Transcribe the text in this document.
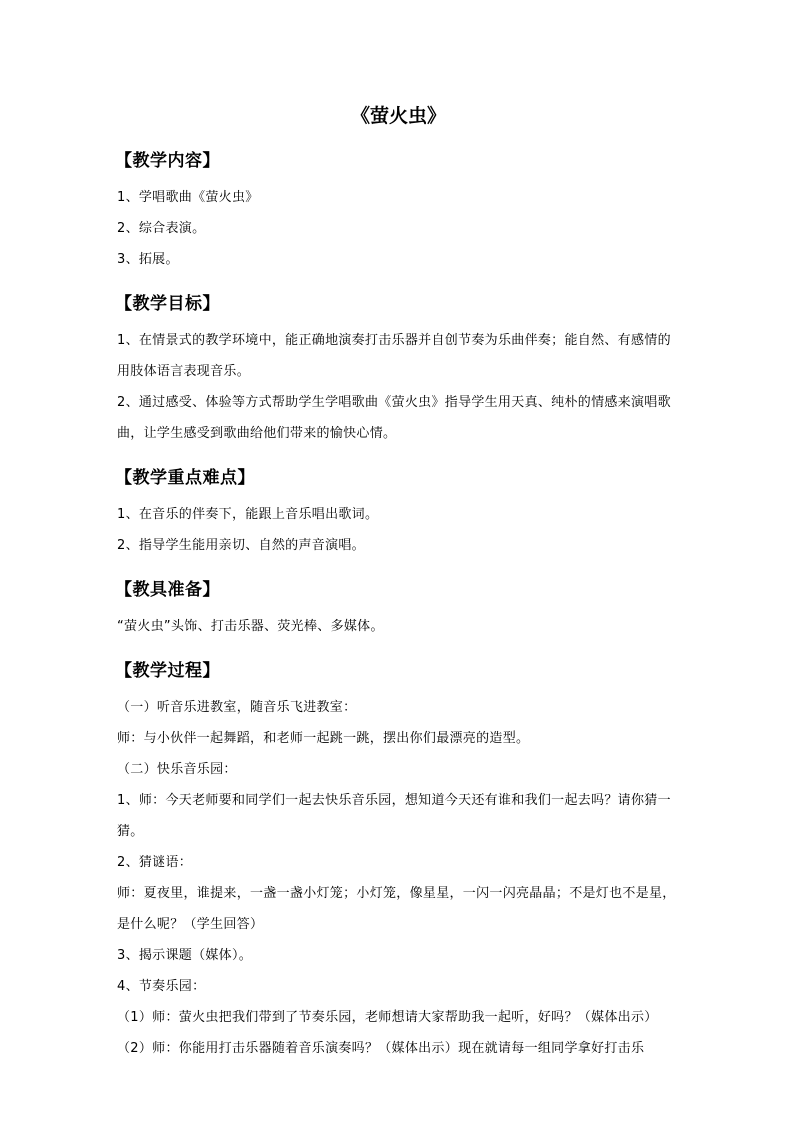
《萤火虫》
【教学内容】

1、学唱歌曲《萤火虫》

2、综合表演。

3、拓展。

【教学目标】

1、在情景式的教学环境中，能正确地演奏打击乐器并自创节奏为乐曲伴奏；能自然、有感情的用肢体语言表现音乐。

2、通过感受、体验等方式帮助学生学唱歌曲《萤火虫》指导学生用天真、纯朴的情感来演唱歌曲，让学生感受到歌曲给他们带来的愉快心情。

【教学重点难点】

1、在音乐的伴奏下，能跟上音乐唱出歌词。

2、指导学生能用亲切、自然的声音演唱。

【教具准备】

“萤火虫”头饰、打击乐器、荧光棒、多媒体。

【教学过程】

（一）听音乐进教室，随音乐飞进教室：

师：与小伙伴一起舞蹈，和老师一起跳一跳，摆出你们最漂亮的造型。

（二）快乐音乐园：

1、师：今天老师要和同学们一起去快乐音乐园，想知道今天还有谁和我们一起去吗？请你猜一猜。

2、猜谜语：

师：夏夜里，谁提来，一盏一盏小灯笼；小灯笼，像星星，一闪一闪亮晶晶；不是灯也不是星，是什么呢？（学生回答）

3、揭示课题（媒体）。

4、节奏乐园：

（1）师：萤火虫把我们带到了节奏乐园，老师想请大家帮助我一起听，好吗？（媒体出示）

（2）师：你能用打击乐器随着音乐演奏吗？（媒体出示）现在就请每一组同学拿好打击乐
